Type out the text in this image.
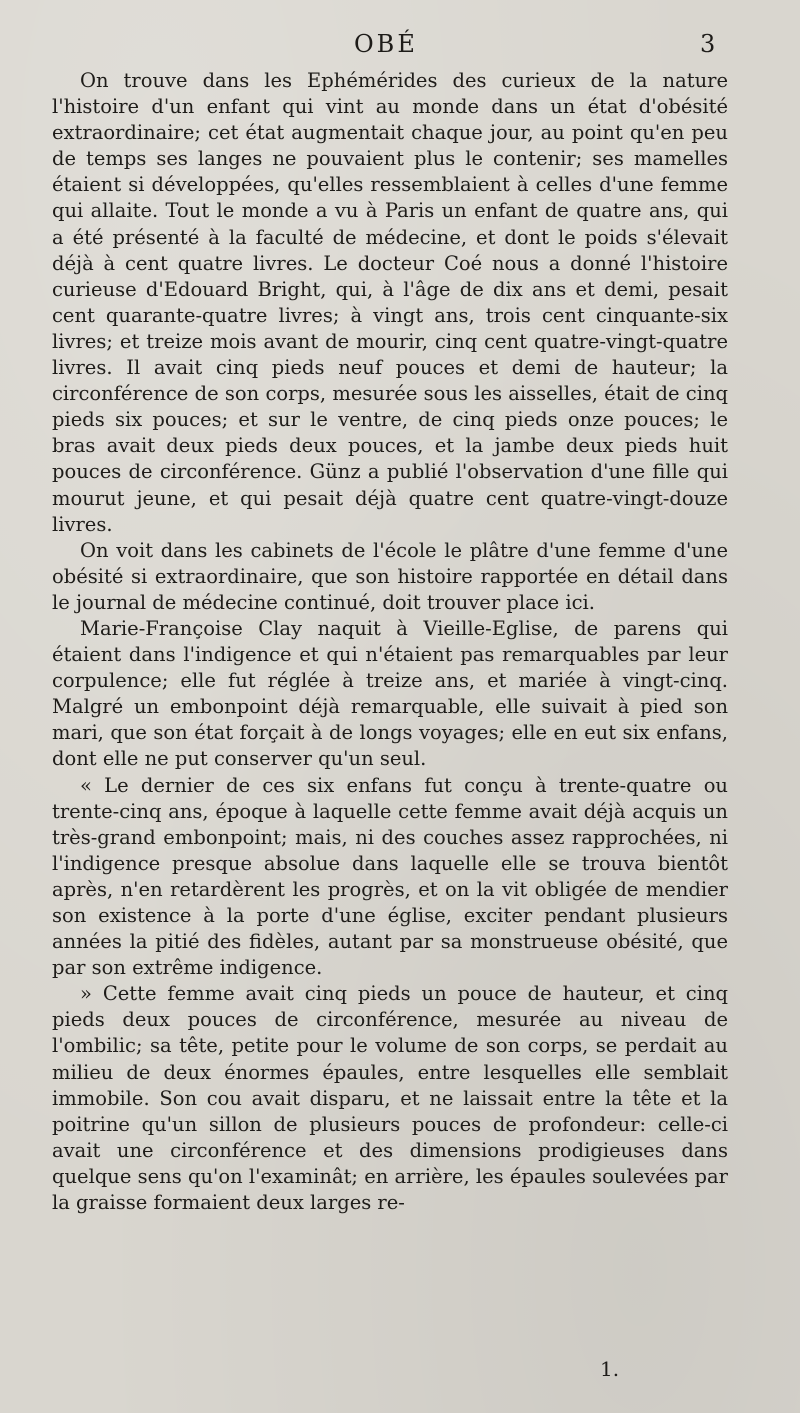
OBÉ	3

On trouve dans les Ephémérides des curieux de la nature l'histoire d'un enfant qui vint au monde dans un état d'obésité extraordinaire; cet état augmentait chaque jour, au point qu'en peu de temps ses langes ne pouvaient plus le contenir; ses mamelles étaient si développées, qu'elles ressemblaient à celles d'une femme qui allaite. Tout le monde a vu à Paris un enfant de quatre ans, qui a été présenté à la faculté de médecine, et dont le poids s'élevait déjà à cent quatre livres. Le docteur Coé nous a donné l'histoire curieuse d'Edouard Bright, qui, à l'âge de dix ans et demi, pesait cent quarante-quatre livres; à vingt ans, trois cent cinquante-six livres; et treize mois avant de mourir, cinq cent quatre-vingt-quatre livres. Il avait cinq pieds neuf pouces et demi de hauteur; la circonférence de son corps, mesurée sous les aisselles, était de cinq pieds six pouces; et sur le ventre, de cinq pieds onze pouces; le bras avait deux pieds deux pouces, et la jambe deux pieds huit pouces de circonférence. Günz a publié l'observation d'une fille qui mourut jeune, et qui pesait déjà quatre cent quatre-vingt-douze livres.

On voit dans les cabinets de l'école le plâtre d'une femme d'une obésité si extraordinaire, que son histoire rapportée en détail dans le journal de médecine continué, doit trouver place ici.

Marie-Françoise Clay naquit à Vieille-Eglise, de parens qui étaient dans l'indigence et qui n'étaient pas remarquables par leur corpulence; elle fut réglée à treize ans, et mariée à vingt-cinq. Malgré un embonpoint déjà remarquable, elle suivait à pied son mari, que son état forçait à de longs voyages; elle en eut six enfans, dont elle ne put conserver qu'un seul.

« Le dernier de ces six enfans fut conçu à trente-quatre ou trente-cinq ans, époque à laquelle cette femme avait déjà acquis un très-grand embonpoint; mais, ni des couches assez rapprochées, ni l'indigence presque absolue dans laquelle elle se trouva bientôt après, n'en retardèrent les progrès, et on la vit obligée de mendier son existence à la porte d'une église, exciter pendant plusieurs années la pitié des fidèles, autant par sa monstrueuse obésité, que par son extrême indigence.

» Cette femme avait cinq pieds un pouce de hauteur, et cinq pieds deux pouces de circonférence, mesurée au niveau de l'ombilic; sa tête, petite pour le volume de son corps, se perdait au milieu de deux énormes épaules, entre lesquelles elle semblait immobile. Son cou avait disparu, et ne laissait entre la tête et la poitrine qu'un sillon de plusieurs pouces de profondeur: celle-ci avait une circonférence et des dimensions prodigieuses dans quelque sens qu'on l'examinât; en arrière, les épaules soulevées par la graisse formaient deux larges re-

1.
